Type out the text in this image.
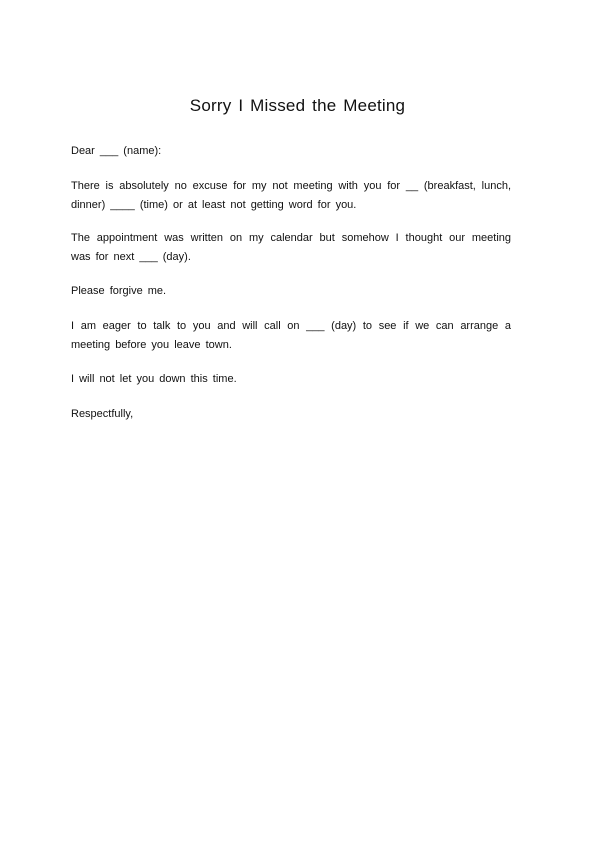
Sorry I Missed the Meeting

Dear ___ (name):

There is absolutely no excuse for my not meeting with you for __ (breakfast, lunch, dinner) ____ (time) or at least not getting word for you.

The appointment was written on my calendar but somehow I thought our meeting was for next ___ (day).

Please forgive me.

I am eager to talk to you and will call on ___ (day) to see if we can arrange a meeting before you leave town.

I will not let you down this time.

Respectfully,
